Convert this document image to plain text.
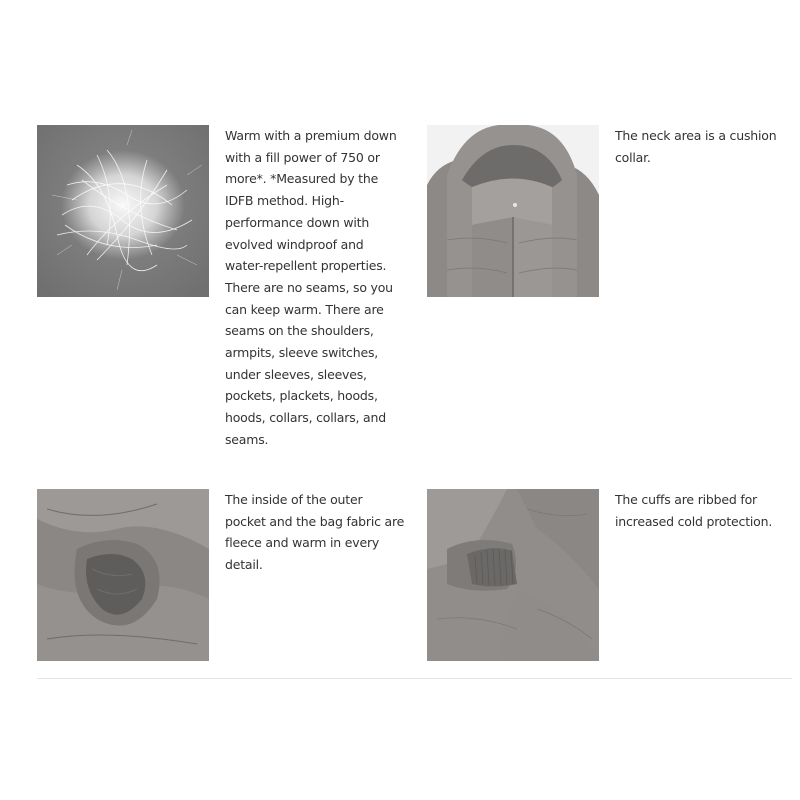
Warm with a premium down with a fill power of 750 or more*. *Measured by the IDFB method. High-performance down with evolved windproof and water-repellent properties. There are no seams, so you can keep warm. There are seams on the shoulders, armpits, sleeve switches, under sleeves, sleeves, pockets, plackets, hoods, hoods, collars, collars, and seams.

The neck area is a cushion collar.

The inside of the outer pocket and the bag fabric are fleece and warm in every detail.

The cuffs are ribbed for increased cold protection.
